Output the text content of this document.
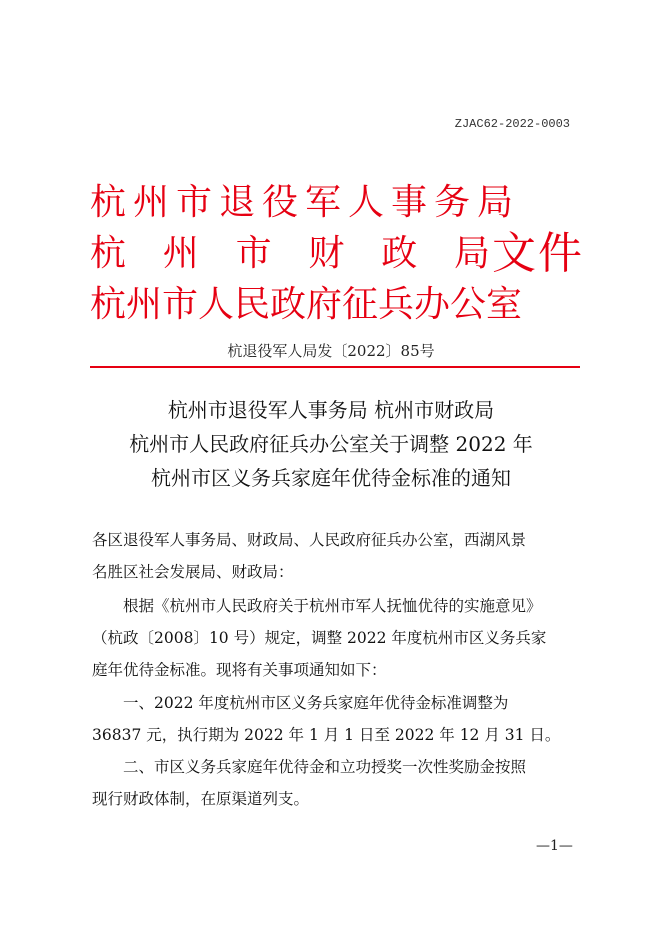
ZJAC62-2022-0003
杭州市退役军人事务局
杭 州 市 财 政 局
杭州市人民政府征兵办公室
文件
杭退役军人局发〔2022〕85号
杭州市退役军人事务局 杭州市财政局
杭州市人民政府征兵办公室关于调整 2022 年
杭州市区义务兵家庭年优待金标准的通知
各区退役军人事务局、财政局、人民政府征兵办公室，西湖风景
名胜区社会发展局、财政局：
根据《杭州市人民政府关于杭州市军人抚恤优待的实施意见》
（杭政〔2008〕10 号）规定，调整 2022 年度杭州市区义务兵家
庭年优待金标准。现将有关事项通知如下：
一、2022 年度杭州市区义务兵家庭年优待金标准调整为
36837 元，执行期为 2022 年 1 月 1 日至 2022 年 12 月 31 日。
二、市区义务兵家庭年优待金和立功授奖一次性奖励金按照
现行财政体制，在原渠道列支。
—1—
